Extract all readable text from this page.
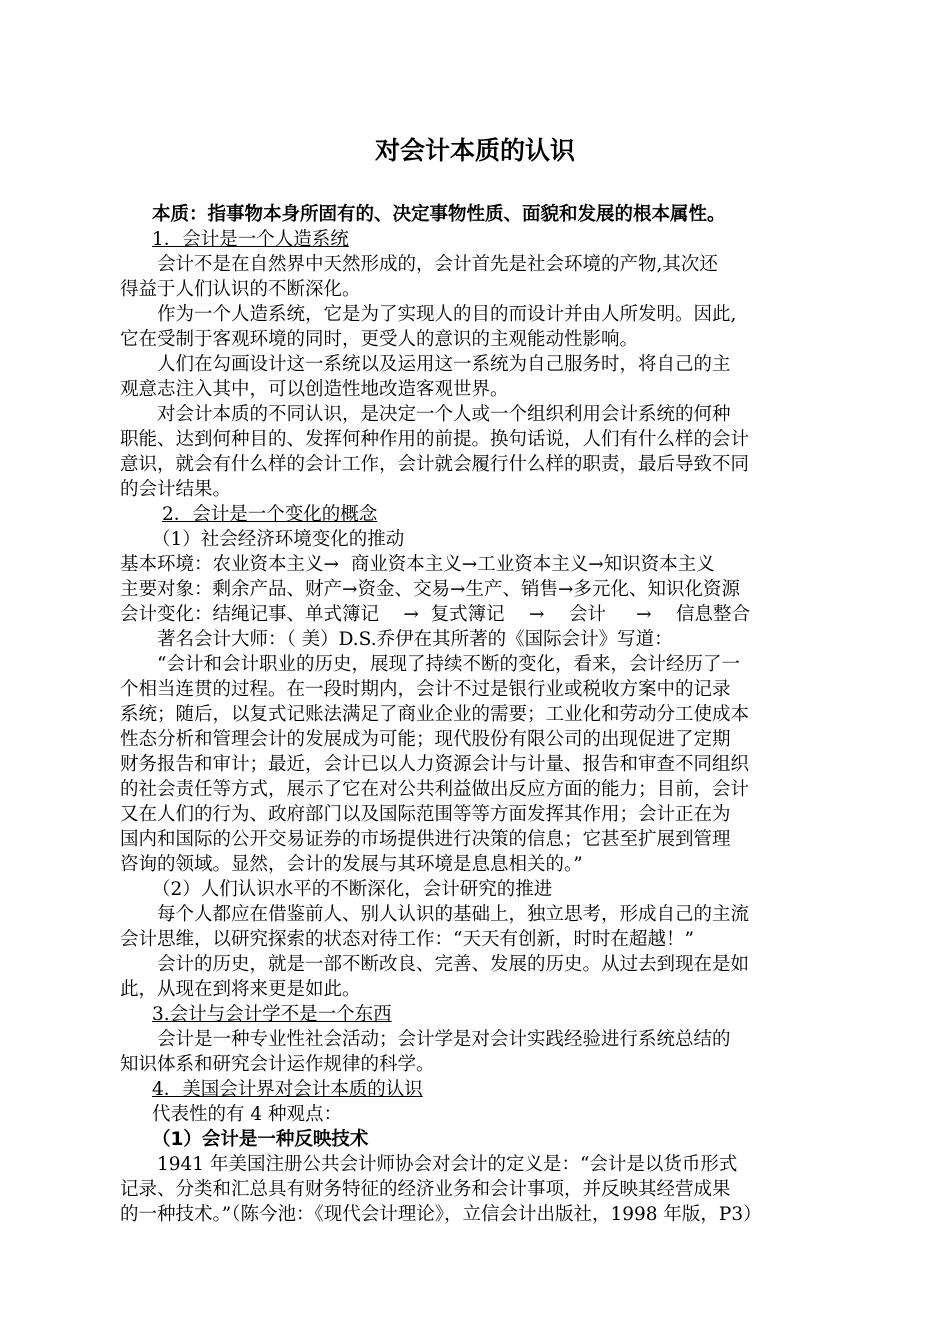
对会计本质的认识
本质：指事物本身所固有的、决定事物性质、面貌和发展的根本属性。
1．会计是一个人造系统
　　会计不是在自然界中天然形成的，会计首先是社会环境的产物,其次还
得益于人们认识的不断深化。
　　作为一个人造系统，它是为了实现人的目的而设计并由人所发明。因此,
它在受制于客观环境的同时，更受人的意识的主观能动性影响。
　　人们在勾画设计这一系统以及运用这一系统为自己服务时，将自己的主
观意志注入其中，可以创造性地改造客观世界。
　　对会计本质的不同认识，是决定一个人或一个组织利用会计系统的何种
职能、达到何种目的、发挥何种作用的前提。换句话说，人们有什么样的会计
意识，就会有什么样的会计工作，会计就会履行什么样的职责，最后导致不同
的会计结果。
2．会计是一个变化的概念
（1）社会经济环境变化的推动
基本环境：农业资本主义→  商业资本主义→工业资本主义→知识资本主义
主要对象：剩余产品、财产→资金、交易→生产、销售→多元化、知识化资源
会计变化：结绳记事、单式簿记　 →  复式簿记　 →　 会计　  →　 信息整合
　　著名会计大师：（ 美）D.S.乔伊在其所著的《国际会计》写道：
　　“会计和会计职业的历史，展现了持续不断的变化，看来，会计经历了一
个相当连贯的过程。在一段时期内，会计不过是银行业或税收方案中的记录
系统；随后，以复式记账法满足了商业企业的需要；工业化和劳动分工使成本
性态分析和管理会计的发展成为可能；现代股份有限公司的出现促进了定期
财务报告和审计；最近，会计已以人力资源会计与计量、报告和审查不同组织
的社会责任等方式，展示了它在对公共利益做出反应方面的能力；目前，会计
又在人们的行为、政府部门以及国际范围等等方面发挥其作用；会计正在为
国内和国际的公开交易证券的市场提供进行决策的信息；它甚至扩展到管理
咨询的领域。显然，会计的发展与其环境是息息相关的。”
（2）人们认识水平的不断深化，会计研究的推进
　　每个人都应在借鉴前人、别人认识的基础上，独立思考，形成自己的主流
会计思维，以研究探索的状态对待工作：“天天有创新，时时在超越！”
　　会计的历史，就是一部不断改良、完善、发展的历史。从过去到现在是如
此，从现在到将来更是如此。
3.会计与会计学不是一个东西
　　会计是一种专业性社会活动；会计学是对会计实践经验进行系统总结的
知识体系和研究会计运作规律的科学。
4．美国会计界对会计本质的认识
代表性的有 4 种观点：
（1）会计是一种反映技术
　　1941 年美国注册公共会计师协会对会计的定义是：“会计是以货币形式
记录、分类和汇总具有财务特征的经济业务和会计事项，并反映其经营成果
的一种技术。”（陈今池：《现代会计理论》，立信会计出版社，1998 年版，P3）
